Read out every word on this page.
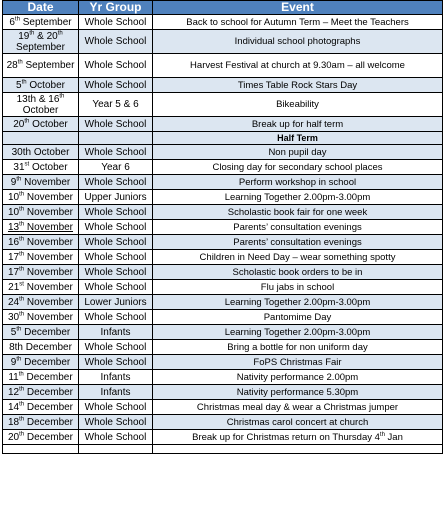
Date	Yr Group	Event
6th September	Whole School	Back to school for Autumn Term – Meet the Teachers
19th & 20th September	Whole School	Individual school photographs
28th September	Whole School	Harvest Festival at church at 9.30am – all welcome
5th October	Whole School	Times Table Rock Stars Day
13th & 16th October	Year 5 & 6	Bikeability
20th October	Whole School	Break up for half term
		Half Term
30th October	Whole School	Non pupil day
31st October	Year 6	Closing day for secondary school places
9th November	Whole School	Perform workshop in school
10th November	Upper Juniors	Learning Together 2.00pm-3.00pm
10th November	Whole School	Scholastic book fair for one week
13th November	Whole School	Parents’ consultation evenings
16th November	Whole School	Parents’ consultation evenings
17th November	Whole School	Children in Need Day – wear something spotty
17th November	Whole School	Scholastic book orders to be in
21st November	Whole School	Flu jabs in school
24th November	Lower Juniors	Learning Together 2.00pm-3.00pm
30th November	Whole School	Pantomime Day
5th December	Infants	Learning Together 2.00pm-3.00pm
8th December	Whole School	Bring a bottle for non uniform day
9th December	Whole School	FoPS Christmas Fair
11th December	Infants	Nativity performance 2.00pm
12th December	Infants	Nativity performance 5.30pm
14th December	Whole School	Christmas meal day & wear a Christmas jumper
18th December	Whole School	Christmas carol concert at church
20th December	Whole School	Break up for Christmas return on Thursday 4th Jan
